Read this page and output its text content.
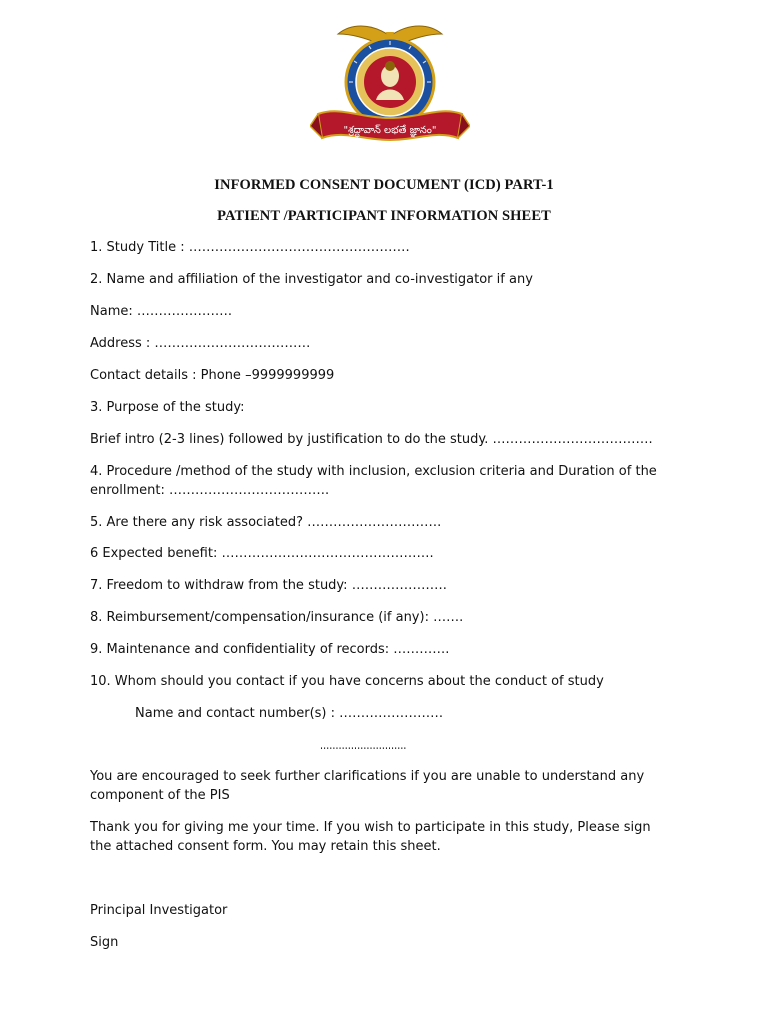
"శ్రద్ధావాన్ లభతే జ్ఞానం"
INFORMED CONSENT DOCUMENT (ICD) PART-1
PATIENT /PARTICIPANT INFORMATION SHEET
1. Study Title : ……………………………………………
2. Name and affiliation of the investigator and co-investigator if any
Name: ………………….
Address : ………………………………
Contact details : Phone –9999999999
3. Purpose of the study:
Brief intro (2-3 lines) followed by justification to do the study. ……………………………….
4. Procedure /method of the study with inclusion, exclusion criteria and Duration of the enrollment: ……………………………….
5. Are there any risk associated? ………………………….
6 Expected benefit: ………………………………………….
7. Freedom to withdraw from the study: ………………….
8. Reimbursement/compensation/insurance (if any): …….
9. Maintenance and confidentiality of records: ………….
10. Whom should you contact if you have concerns about the conduct of study
Name and contact number(s) : ……………………
……………………….
You are encouraged to seek further clarifications if you are unable to understand any component of the PIS
Thank you for giving me your time. If you wish to participate in this study, Please sign the attached consent form. You may retain this sheet.
Principal Investigator
Sign
